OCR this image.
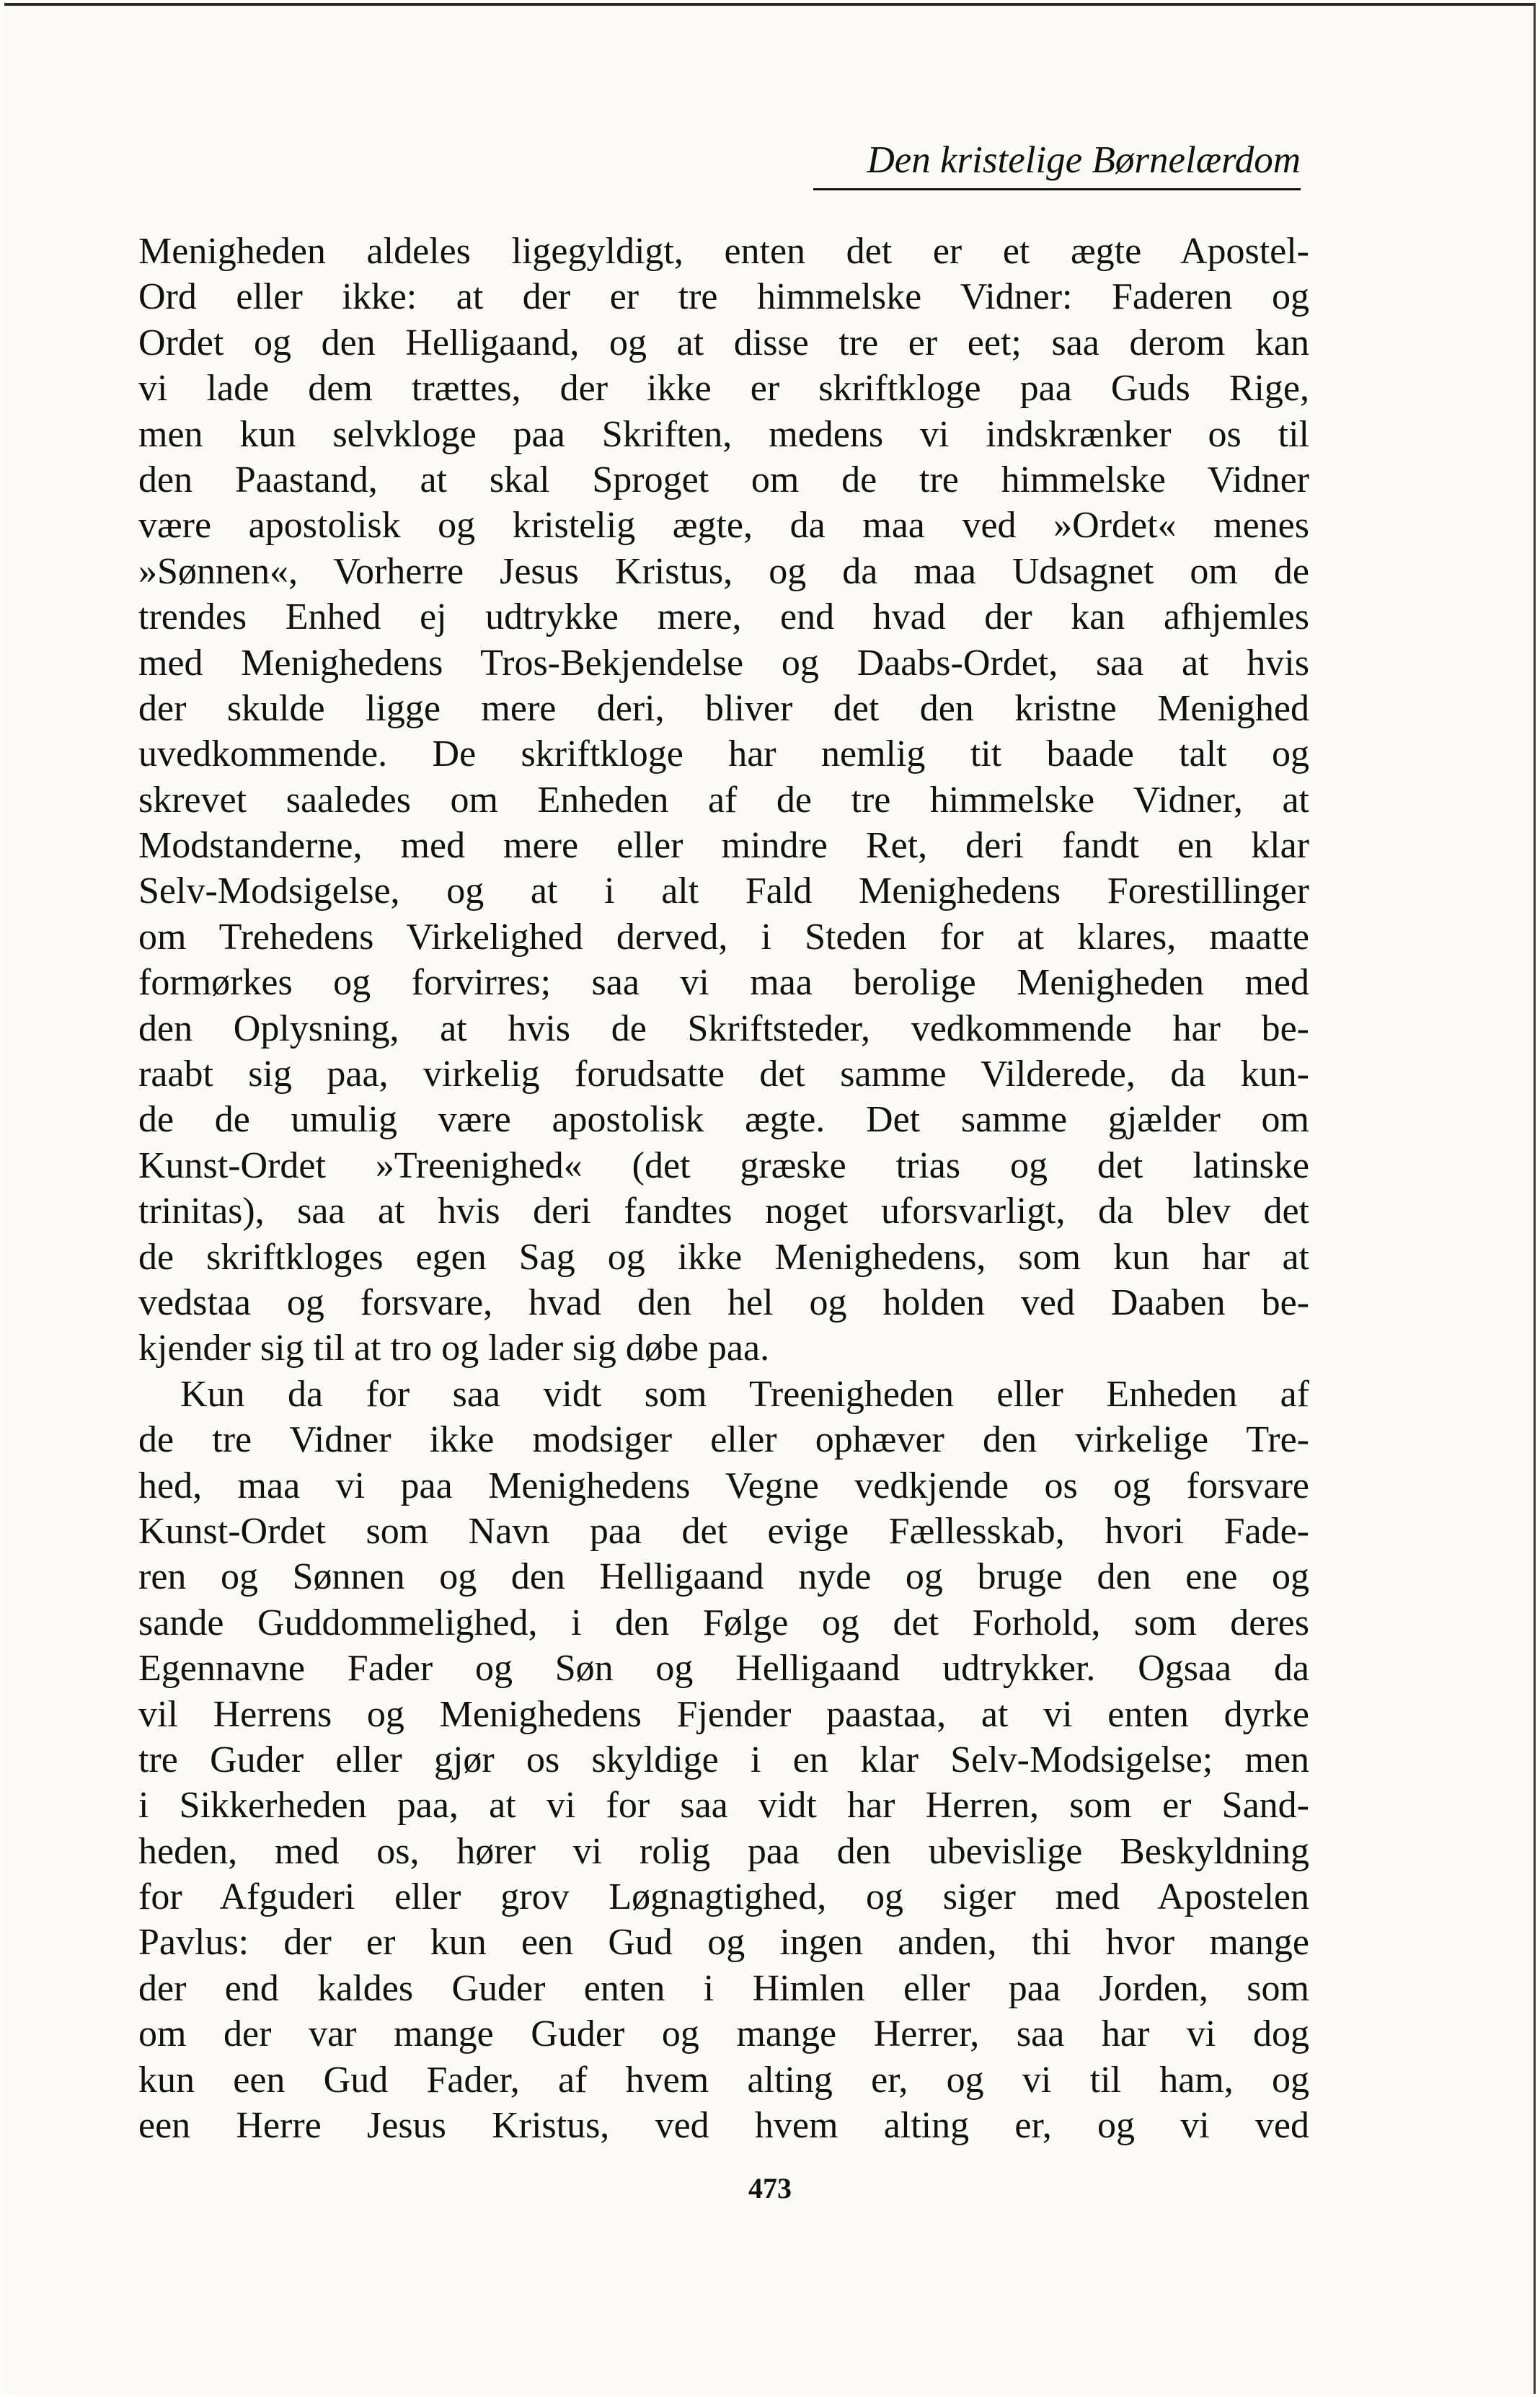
Den kristelige Børnelærdom
Menigheden aldeles ligegyldigt, enten det er et ægte Apostel-
Ord eller ikke: at der er tre himmelske Vidner: Faderen og
Ordet og den Helligaand, og at disse tre er eet; saa derom kan
vi lade dem trættes, der ikke er skriftkloge paa Guds Rige,
men kun selvkloge paa Skriften, medens vi indskrænker os til
den Paastand, at skal Sproget om de tre himmelske Vidner
være apostolisk og kristelig ægte, da maa ved »Ordet« menes
»Sønnen«, Vorherre Jesus Kristus, og da maa Udsagnet om de
trendes Enhed ej udtrykke mere, end hvad der kan afhjemles
med Menighedens Tros-Bekjendelse og Daabs-Ordet, saa at hvis
der skulde ligge mere deri, bliver det den kristne Menighed
uvedkommende. De skriftkloge har nemlig tit baade talt og
skrevet saaledes om Enheden af de tre himmelske Vidner, at
Modstanderne, med mere eller mindre Ret, deri fandt en klar
Selv-Modsigelse, og at i alt Fald Menighedens Forestillinger
om Trehedens Virkelighed derved, i Steden for at klares, maatte
formørkes og forvirres; saa vi maa berolige Menigheden med
den Oplysning, at hvis de Skriftsteder, vedkommende har be-
raabt sig paa, virkelig forudsatte det samme Vilderede, da kun-
de de umulig være apostolisk ægte. Det samme gjælder om
Kunst-Ordet »Treenighed« (det græske trias og det latinske
trinitas), saa at hvis deri fandtes noget uforsvarligt, da blev det
de skriftkloges egen Sag og ikke Menighedens, som kun har at
vedstaa og forsvare, hvad den hel og holden ved Daaben be-
kjender sig til at tro og lader sig døbe paa.
Kun da for saa vidt som Treenigheden eller Enheden af
de tre Vidner ikke modsiger eller ophæver den virkelige Tre-
hed, maa vi paa Menighedens Vegne vedkjende os og forsvare
Kunst-Ordet som Navn paa det evige Fællesskab, hvori Fade-
ren og Sønnen og den Helligaand nyde og bruge den ene og
sande Guddommelighed, i den Følge og det Forhold, som deres
Egennavne Fader og Søn og Helligaand udtrykker. Ogsaa da
vil Herrens og Menighedens Fjender paastaa, at vi enten dyrke
tre Guder eller gjør os skyldige i en klar Selv-Modsigelse; men
i Sikkerheden paa, at vi for saa vidt har Herren, som er Sand-
heden, med os, hører vi rolig paa den ubevislige Beskyldning
for Afguderi eller grov Løgnagtighed, og siger med Apostelen
Pavlus: der er kun een Gud og ingen anden, thi hvor mange
der end kaldes Guder enten i Himlen eller paa Jorden, som
om der var mange Guder og mange Herrer, saa har vi dog
kun een Gud Fader, af hvem alting er, og vi til ham, og
een Herre Jesus Kristus, ved hvem alting er, og vi ved
473
